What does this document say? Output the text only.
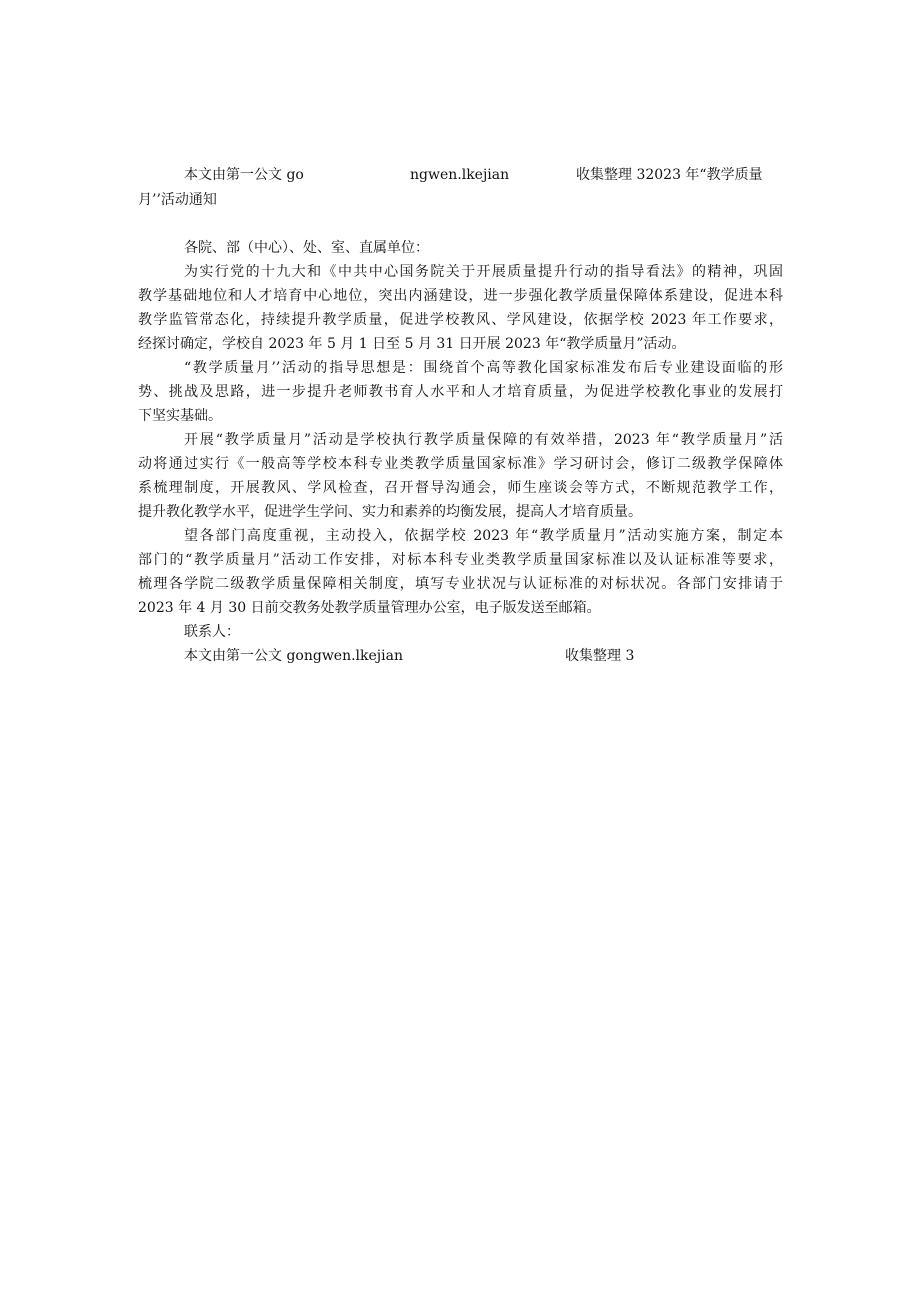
本文由第一公文 go	ngwen.lkejian	收集整理 32023 年“教学质量
月’’活动通知
各院、部（中心）、处、室、直属单位：
为实行党的十九大和《中共中心国务院关于开展质量提升行动的指导看法》的精神，巩固
教学基础地位和人才培育中心地位，突出内涵建设，进一步强化教学质量保障体系建设，促进本科
教学监管常态化，持续提升教学质量，促进学校教风、学风建设，依据学校 2023 年工作要求，
经探讨确定，学校自 2023 年 5 月 1 日至 5 月 31 日开展 2023 年“教学质量月”活动。
“教学质量月’’活动的指导思想是：围绕首个高等教化国家标准发布后专业建设面临的形
势、挑战及思路，进一步提升老师教书育人水平和人才培育质量，为促进学校教化事业的发展打
下坚实基础。
开展“教学质量月”活动是学校执行教学质量保障的有效举措，2023 年“教学质量月”活
动将通过实行《一般高等学校本科专业类教学质量国家标准》学习研讨会，修订二级教学保障体
系梳理制度，开展教风、学风检查，召开督导沟通会，师生座谈会等方式，不断规范教学工作，
提升教化教学水平，促进学生学问、实力和素养的均衡发展，提高人才培育质量。
望各部门高度重视，主动投入，依据学校 2023 年“教学质量月”活动实施方案，制定本
部门的“教学质量月”活动工作安排，对标本科专业类教学质量国家标准以及认证标准等要求，
梳理各学院二级教学质量保障相关制度，填写专业状况与认证标准的对标状况。各部门安排请于
2023 年 4 月 30 日前交教务处教学质量管理办公室，电子版发送至邮箱。
联系人：
本文由第一公文 gongwen.lkejian	收集整理 3
